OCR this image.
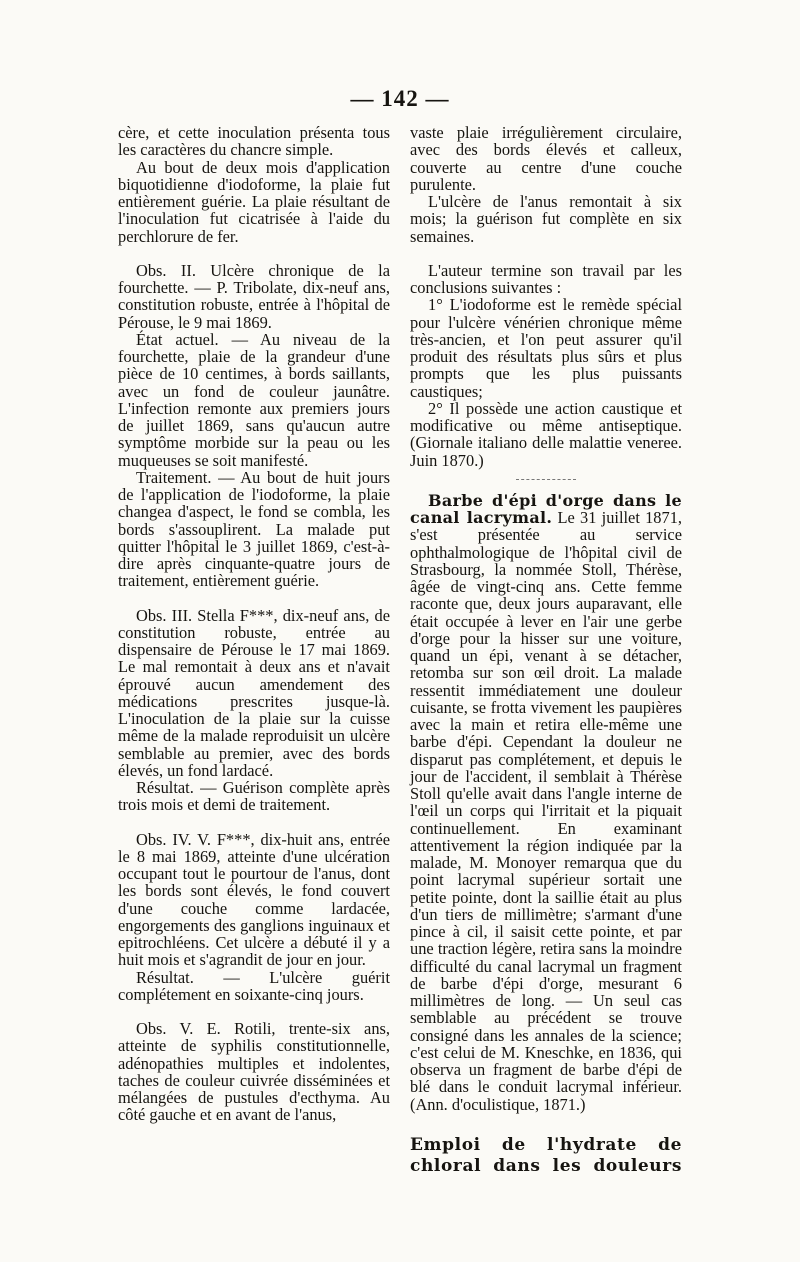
— 142 —

cère, et cette inoculation présenta tous les caractères du chancre simple.

Au bout de deux mois d'application biquotidienne d'iodoforme, la plaie fut entièrement guérie. La plaie résultant de l'inoculation fut cicatrisée à l'aide du perchlorure de fer.

Obs. II. Ulcère chronique de la fourchette. — P. Tribolate, dix-neuf ans, constitution robuste, entrée à l'hôpital de Pérouse, le 9 mai 1869.

État actuel. — Au niveau de la fourchette, plaie de la grandeur d'une pièce de 10 centimes, à bords saillants, avec un fond de couleur jaunâtre. L'infection remonte aux premiers jours de juillet 1869, sans qu'aucun autre symptôme morbide sur la peau ou les muqueuses se soit manifesté.

Traitement. — Au bout de huit jours de l'application de l'iodoforme, la plaie changea d'aspect, le fond se combla, les bords s'assouplirent. La malade put quitter l'hôpital le 3 juillet 1869, c'est-à-dire après cinquante-quatre jours de traitement, entièrement guérie.

Obs. III. Stella F***, dix-neuf ans, de constitution robuste, entrée au dispensaire de Pérouse le 17 mai 1869. Le mal remontait à deux ans et n'avait éprouvé aucun amendement des médications prescrites jusque-là. L'inoculation de la plaie sur la cuisse même de la malade reproduisit un ulcère semblable au premier, avec des bords élevés, un fond lardacé.

Résultat. — Guérison complète après trois mois et demi de traitement.

Obs. IV. V. F***, dix-huit ans, entrée le 8 mai 1869, atteinte d'une ulcération occupant tout le pourtour de l'anus, dont les bords sont élevés, le fond couvert d'une couche comme lardacée, engorgements des ganglions inguinaux et epitrochléens. Cet ulcère a débuté il y a huit mois et s'agrandit de jour en jour.

Résultat. — L'ulcère guérit complétement en soixante-cinq jours.

Obs. V. E. Rotili, trente-six ans, atteinte de syphilis constitutionnelle, adénopathies multiples et indolentes, taches de couleur cuivrée disséminées et mélangées de pustules d'ecthyma. Au côté gauche et en avant de l'anus,

vaste plaie irrégulièrement circulaire, avec des bords élevés et calleux, couverte au centre d'une couche purulente.

L'ulcère de l'anus remontait à six mois; la guérison fut complète en six semaines.

L'auteur termine son travail par les conclusions suivantes :

1° L'iodoforme est le remède spécial pour l'ulcère vénérien chronique même très-ancien, et l'on peut assurer qu'il produit des résultats plus sûrs et plus prompts que les plus puissants caustiques;

2° Il possède une action caustique et modificative ou même antiseptique. (Giornale italiano delle malattie veneree. Juin 1870.)

Barbe d'épi d'orge dans le canal lacrymal. Le 31 juillet 1871, s'est présentée au service ophthalmologique de l'hôpital civil de Strasbourg, la nommée Stoll, Thérèse, âgée de vingt-cinq ans. Cette femme raconte que, deux jours auparavant, elle était occupée à lever en l'air une gerbe d'orge pour la hisser sur une voiture, quand un épi, venant à se détacher, retomba sur son œil droit. La malade ressentit immédiatement une douleur cuisante, se frotta vivement les paupières avec la main et retira elle-même une barbe d'épi. Cependant la douleur ne disparut pas complétement, et depuis le jour de l'accident, il semblait à Thérèse Stoll qu'elle avait dans l'angle interne de l'œil un corps qui l'irritait et la piquait continuellement. En examinant attentivement la région indiquée par la malade, M. Monoyer remarqua que du point lacrymal supérieur sortait une petite pointe, dont la saillie était au plus d'un tiers de millimètre; s'armant d'une pince à cil, il saisit cette pointe, et par une traction légère, retira sans la moindre difficulté du canal lacrymal un fragment de barbe d'épi d'orge, mesurant 6 millimètres de long. — Un seul cas semblable au précédent se trouve consigné dans les annales de la science; c'est celui de M. Kneschke, en 1836, qui observa un fragment de barbe d'épi de blé dans le conduit lacrymal inférieur. (Ann. d'oculistique, 1871.)

Emploi de l'hydrate de
chloral dans les douleurs
